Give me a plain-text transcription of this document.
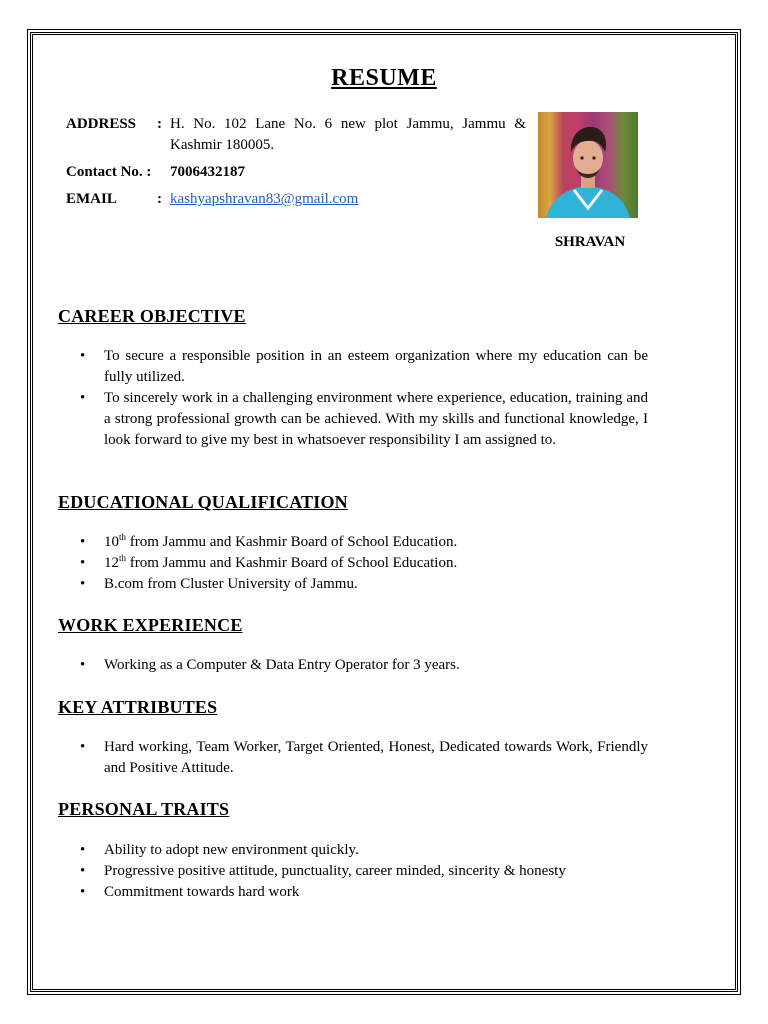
RESUME
ADDRESS : H. No. 102 Lane No. 6 new plot Jammu, Jammu & Kashmir 180005.
Contact No. :	7006432187
EMAIL	: kashyapshravan83@gmail.com
SHRAVAN
CAREER OBJECTIVE
• To secure a responsible position in an esteem organization where my education can be fully utilized.
• To sincerely work in a challenging environment where experience, education, training and a strong professional growth can be achieved. With my skills and functional knowledge, I look forward to give my best in whatsoever responsibility I am assigned to.
EDUCATIONAL QUALIFICATION
• 10th from Jammu and Kashmir Board of School Education.
• 12th from Jammu and Kashmir Board of School Education.
• B.com from Cluster University of Jammu.
WORK EXPERIENCE
• Working as a Computer & Data Entry Operator for 3 years.
KEY ATTRIBUTES
• Hard working, Team Worker, Target Oriented, Honest, Dedicated towards Work, Friendly and Positive Attitude.
PERSONAL TRAITS
• Ability to adopt new environment quickly.
• Progressive positive attitude, punctuality, career minded, sincerity & honesty
• Commitment towards hard work
